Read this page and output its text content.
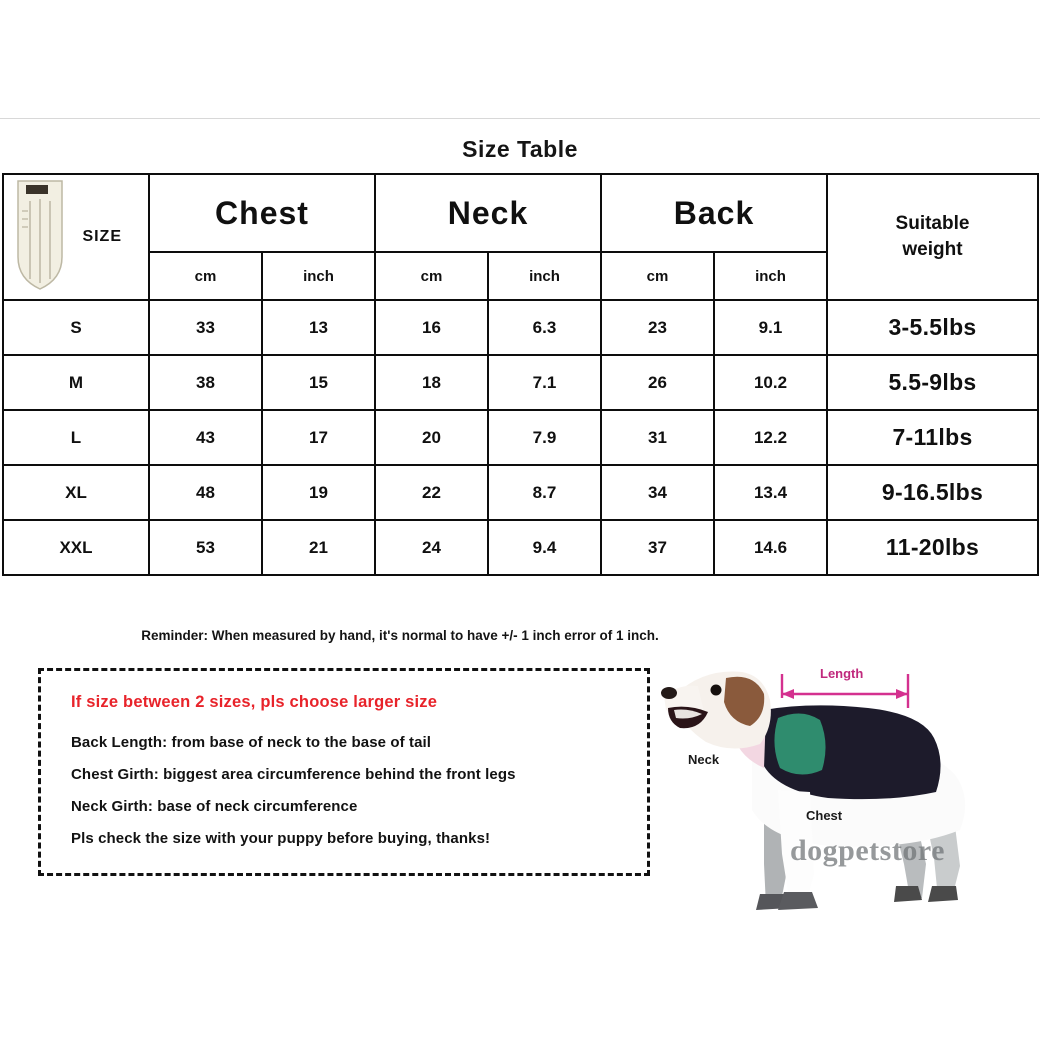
Size Table
SIZE	Chest		Neck		Back		Suitable
weight

	cm	inch	cm	inch	cm	inch	
S	33	13	16	6.3	23	9.1	3-5.5lbs
M	38	15	18	7.1	26	10.2	5.5-9lbs
L	43	17	20	7.9	31	12.2	7-11lbs
XL	48	19	22	8.7	34	13.4	9-16.5lbs
XXL	53	21	24	9.4	37	14.6	11-20lbs
Reminder: When measured by hand, it's normal to have +/- 1 inch error of 1 inch.
If size between 2 sizes, pls choose larger size
Back Length: from base of neck to the base of tail
Chest Girth: biggest area circumference behind the front legs
Neck Girth: base of neck circumference
Pls check the size with your puppy before buying, thanks!
Length
Neck
Chest
dogpetstore
